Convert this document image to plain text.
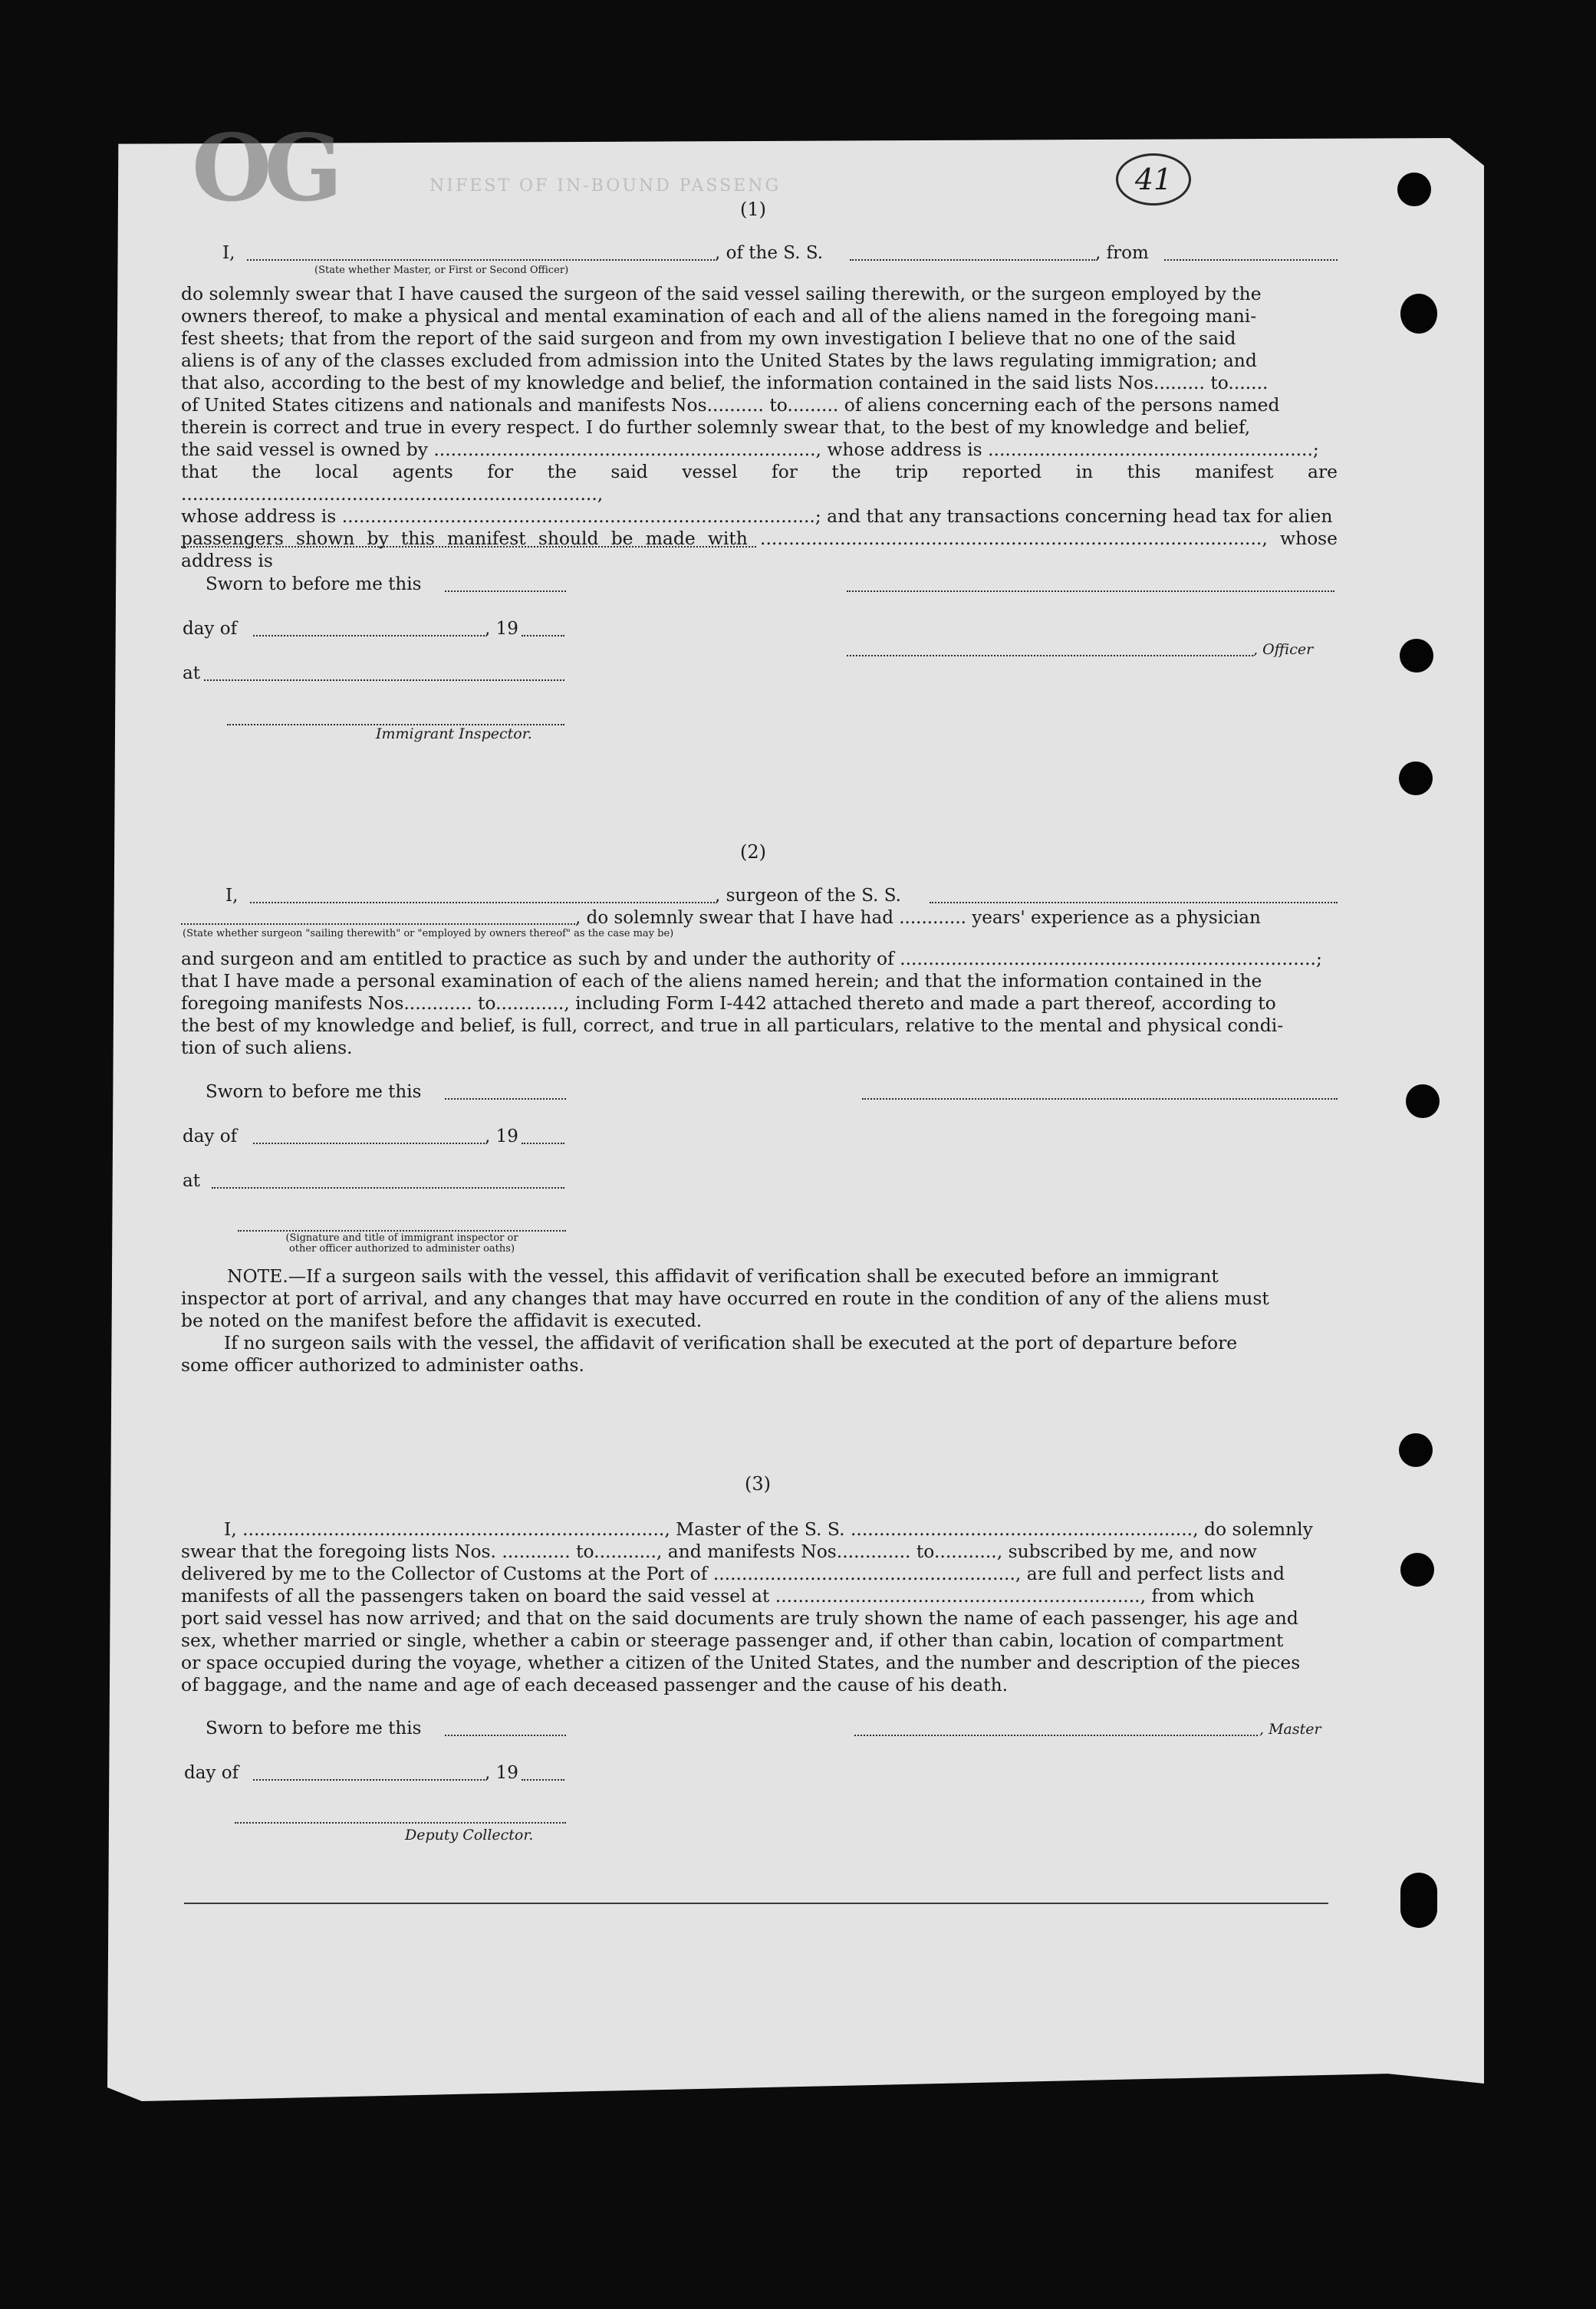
OG	NIFEST OF IN-BOUND PASSENG	41
(1)
I,	, of the S. S.	, from
(State whether Master, or First or Second Officer)

do solemnly swear that I have caused the surgeon of the said vessel sailing therewith, or the surgeon employed by the

owners thereof, to make a physical and mental examination of each and all of the aliens named in the foregoing mani-

fest sheets; that from the report of the said surgeon and from my own investigation I believe that no one of the said

aliens is of any of the classes excluded from admission into the United States by the laws regulating immigration; and

that also, according to the best of my knowledge and belief, the information contained in the said lists Nos......... to.......

of United States citizens and nationals and manifests Nos.......... to......... of aliens concerning each of the persons named

therein is correct and true in every respect. I do further solemnly swear that, to the best of my knowledge and belief,

the said vessel is owned by ..................................................................., whose address is .........................................................;

that the local agents for the said vessel for the trip reported in this manifest are .........................................................................,

whose address is ...................................................................................; and that any transactions concerning head tax for alien

passengers shown by this manifest should be made with ........................................................................................, whose address is

Sworn to before me this
day of	, 19
, Officer
at
Immigrant Inspector.
(2)
I,	, surgeon of the S. S.
, do solemnly swear that I have had ............ years' experience as a physician
(State whether surgeon "sailing therewith" or "employed by owners thereof" as the case may be)

and surgeon and am entitled to practice as such by and under the authority of .........................................................................;

that I have made a personal examination of each of the aliens named herein; and that the information contained in the

foregoing manifests Nos............ to............, including Form I-442 attached thereto and made a part thereof, according to

the best of my knowledge and belief, is full, correct, and true in all particulars, relative to the mental and physical condi-

tion of such aliens.

Sworn to before me this
day of	, 19
at
(Signature and title of immigrant inspector or
other officer authorized to administer oaths)

NOTE.—If a surgeon sails with the vessel, this affidavit of verification shall be executed before an immigrant

inspector at port of arrival, and any changes that may have occurred en route in the condition of any of the aliens must

be noted on the manifest before the affidavit is executed.

If no surgeon sails with the vessel, the affidavit of verification shall be executed at the port of departure before

some officer authorized to administer oaths.

(3)

I, .........................................................................., Master of the S. S. ............................................................, do solemnly

swear that the foregoing lists Nos. ............ to..........., and manifests Nos............. to..........., subscribed by me, and now

delivered by me to the Collector of Customs at the Port of ....................................................., are full and perfect lists and

manifests of all the passengers taken on board the said vessel at ................................................................, from which

port said vessel has now arrived; and that on the said documents are truly shown the name of each passenger, his age and

sex, whether married or single, whether a cabin or steerage passenger and, if other than cabin, location of compartment

or space occupied during the voyage, whether a citizen of the United States, and the number and description of the pieces

of baggage, and the name and age of each deceased passenger and the cause of his death.

Sworn to before me this	, Master
day of	, 19
Deputy Collector.
